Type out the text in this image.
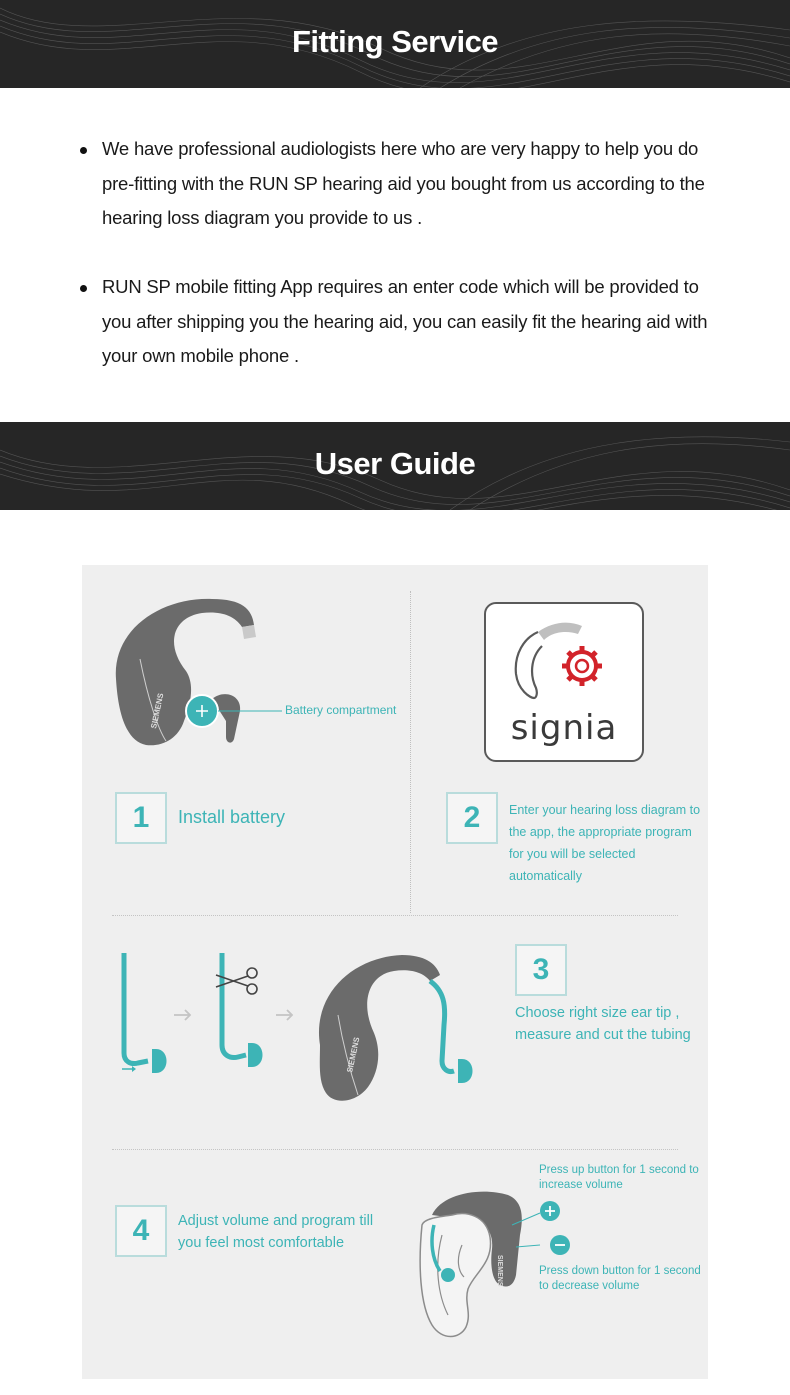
Fitting Service
We have professional audiologists here who are very happy to help you do pre-fitting with the RUN SP hearing aid you bought from us according to the hearing loss diagram you provide to us .
RUN SP mobile fitting App requires an enter code which will be provided to you after shipping you the hearing aid, you can easily fit the hearing aid with your own mobile phone .
User Guide
SIEMENS	Battery compartment	signia
1	Install battery	2	Enter your hearing loss diagram to the app, the appropriate program for you will be selected automatically
SIEMENS
3
Choose right size ear tip , measure and cut the tubing
4	Adjust volume and program till you feel most comfortable
SIEMENS
Press up button for 1 second to increase volume
Press down button for 1 second to decrease volume
